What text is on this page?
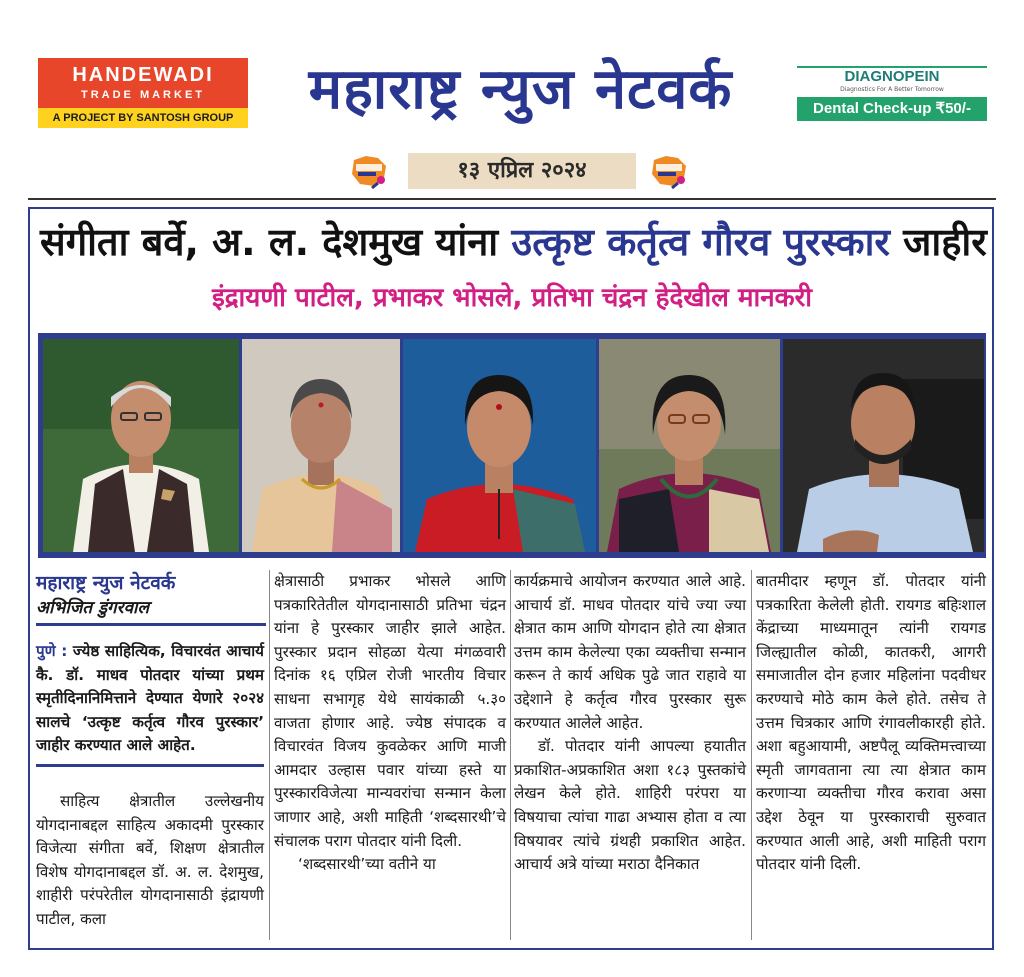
HANDEWADI
TRADE MARKET
A PROJECT BY SANTOSH GROUP	महाराष्ट्र न्युज नेटवर्क	DIAGNOPEIN
Diagnostics For A Better Tomorrow
Dental Check-up ₹50/-
१३ एप्रिल २०२४
संगीता बर्वे, अ. ल. देशमुख यांना उत्कृष्ट कर्तृत्व गौरव पुरस्कार जाहीर
इंद्रायणी पाटील, प्रभाकर भोसले, प्रतिभा चंद्रन हेदेखील मानकरी
महाराष्ट्र न्युज नेटवर्क
अभिजित डुंगरवाल
पुणे : ज्येष्ठ साहित्यिक, विचारवंत आचार्य कै. डॉ. माधव पोतदार यांच्या प्रथम स्मृतीदिनानिमित्ताने देण्यात येणारे २०२४ सालचे ‘उत्कृष्ट कर्तृत्व गौरव पुरस्कार’ जाहीर करण्यात आले आहेत.
साहित्य क्षेत्रातील उल्लेखनीय योगदानाबद्दल साहित्य अकादमी पुरस्कार विजेत्या संगीता बर्वे, शिक्षण क्षेत्रातील विशेष योगदानाबद्दल डॉ. अ. ल. देशमुख, शाहीरी परंपरेतील योगदानासाठी इंद्रायणी पाटील, कला

क्षेत्रासाठी प्रभाकर भोसले आणि पत्रकारितेतील योगदानासाठी प्रतिभा चंद्रन यांना हे पुरस्कार जाहीर झाले आहेत. पुरस्कार प्रदान सोहळा येत्या मंगळवारी दिनांक १६ एप्रिल रोजी भारतीय विचार साधना सभागृह येथे सायंकाळी ५.३० वाजता होणार आहे. ज्येष्ठ संपादक व विचारवंत विजय कुवळेकर आणि माजी आमदार उल्हास पवार यांच्या हस्ते या पुरस्कारविजेत्या मान्यवरांचा सन्मान केला जाणार आहे, अशी माहिती ‘शब्दसारथी’चे संचालक पराग पोतदार यांनी दिली.

‘शब्दसारथी’च्या वतीने या

कार्यक्रमाचे आयोजन करण्यात आले आहे. आचार्य डॉ. माधव पोतदार यांचे ज्या ज्या क्षेत्रात काम आणि योगदान होते त्या क्षेत्रात उत्तम काम केलेल्या एका व्यक्तीचा सन्मान करून ते कार्य अधिक पुढे जात राहावे या उद्देशाने हे कर्तृत्व गौरव पुरस्कार सुरू करण्यात आलेले आहेत.

डॉ. पोतदार यांनी आपल्या हयातीत प्रकाशित-अप्रकाशित अशा १८३ पुस्तकांचे लेखन केले होते. शाहिरी परंपरा या विषयाचा त्यांचा गाढा अभ्यास होता व त्या विषयावर त्यांचे ग्रंथही प्रकाशित आहेत. आचार्य अत्रे यांच्या मराठा दैनिकात

बातमीदार म्हणून डॉ. पोतदार यांनी पत्रकारिता केलेली होती. रायगड बहिःशाल केंद्राच्या माध्यमातून त्यांनी रायगड जिल्ह्यातील कोळी, कातकरी, आगरी समाजातील दोन हजार महिलांना पदवीधर करण्याचे मोठे काम केले होते. तसेच ते उत्तम चित्रकार आणि रंगावलीकारही होते. अशा बहुआयामी, अष्टपैलू व्यक्तिमत्त्वाच्या स्मृती जागवताना त्या त्या क्षेत्रात काम करणाऱ्या व्यक्तीचा गौरव करावा असा उद्देश ठेवून या पुरस्काराची सुरुवात करण्यात आली आहे, अशी माहिती पराग पोतदार यांनी दिली.
